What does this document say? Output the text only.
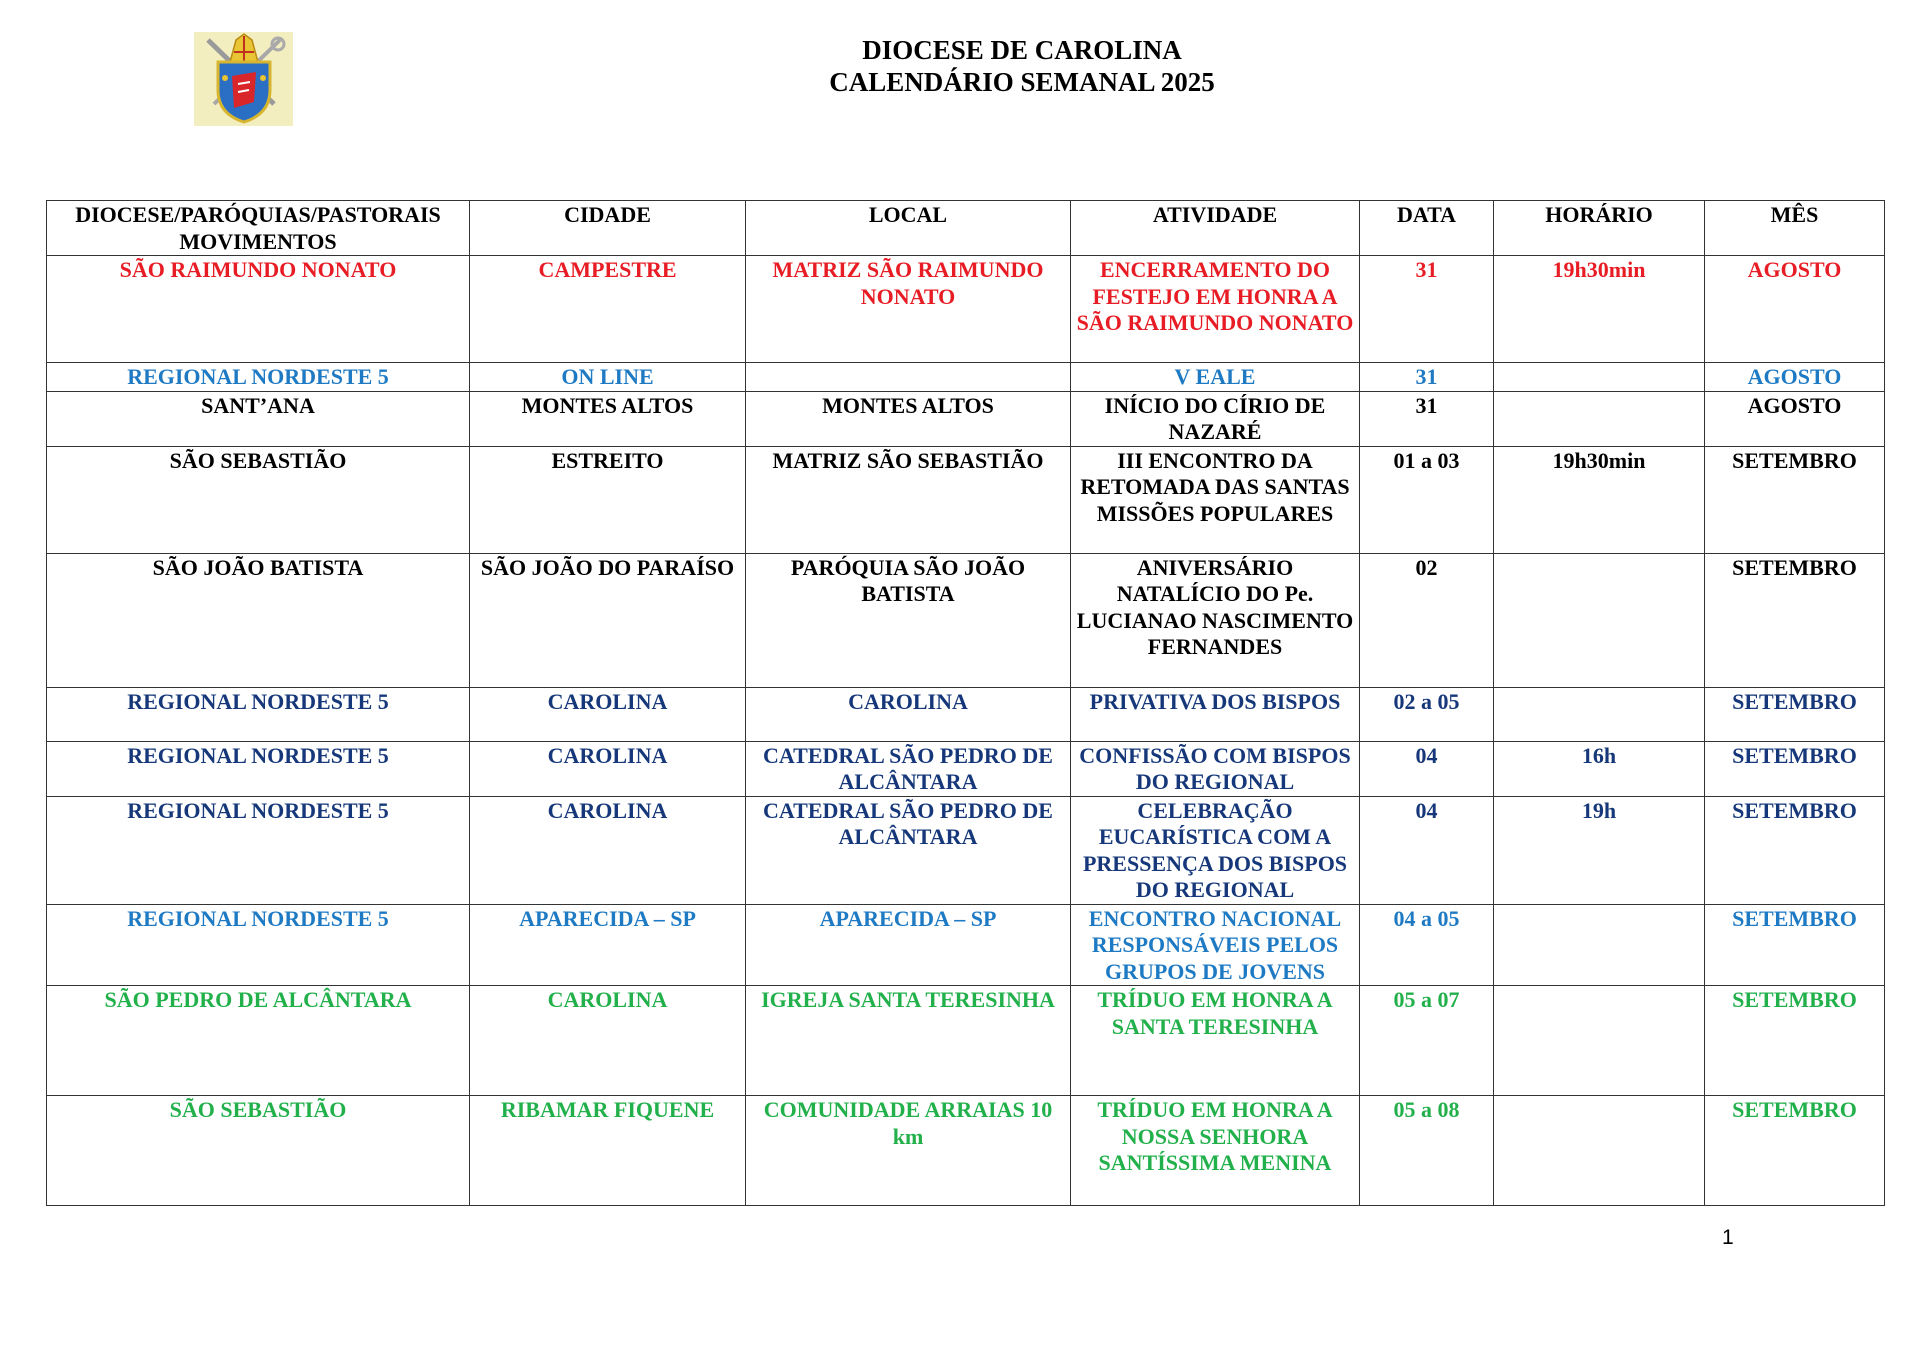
DIOCESE DE CAROLINA
CALENDÁRIO SEMANAL 2025
DIOCESE/PARÓQUIAS/PASTORAIS MOVIMENTOS	CIDADE	LOCAL	ATIVIDADE	DATA	HORÁRIO	MÊS
SÃO RAIMUNDO NONATO	CAMPESTRE	MATRIZ SÃO RAIMUNDO NONATO	ENCERRAMENTO DO FESTEJO EM HONRA A SÃO RAIMUNDO NONATO	31	19h30min	AGOSTO
REGIONAL NORDESTE 5	ON LINE		V EALE	31		AGOSTO
SANT’ANA	MONTES ALTOS	MONTES ALTOS	INÍCIO DO CÍRIO DE NAZARÉ	31		AGOSTO
SÃO SEBASTIÃO	ESTREITO	MATRIZ SÃO SEBASTIÃO	III ENCONTRO DA RETOMADA DAS SANTAS MISSÕES POPULARES	01 a 03	19h30min	SETEMBRO
SÃO JOÃO BATISTA	SÃO JOÃO DO PARAÍSO	PARÓQUIA SÃO JOÃO BATISTA	ANIVERSÁRIO NATALÍCIO DO Pe. LUCIANAO NASCIMENTO FERNANDES	02		SETEMBRO
REGIONAL NORDESTE 5	CAROLINA	CAROLINA	PRIVATIVA DOS BISPOS	02 a 05		SETEMBRO
REGIONAL NORDESTE 5	CAROLINA	CATEDRAL SÃO PEDRO DE ALCÂNTARA	CONFISSÃO COM BISPOS DO REGIONAL	04	16h	SETEMBRO
REGIONAL NORDESTE 5	CAROLINA	CATEDRAL SÃO PEDRO DE ALCÂNTARA	CELEBRAÇÃO EUCARÍSTICA COM A PRESSENÇA DOS BISPOS DO REGIONAL	04	19h	SETEMBRO
REGIONAL NORDESTE 5	APARECIDA – SP	APARECIDA – SP	ENCONTRO NACIONAL RESPONSÁVEIS PELOS GRUPOS DE JOVENS	04 a 05		SETEMBRO
SÃO PEDRO DE ALCÂNTARA	CAROLINA	IGREJA SANTA TERESINHA	TRÍDUO EM HONRA A SANTA TERESINHA	05 a 07		SETEMBRO
SÃO SEBASTIÃO	RIBAMAR FIQUENE	COMUNIDADE ARRAIAS 10 km	TRÍDUO EM HONRA A NOSSA SENHORA SANTÍSSIMA MENINA	05 a 08		SETEMBRO
1
